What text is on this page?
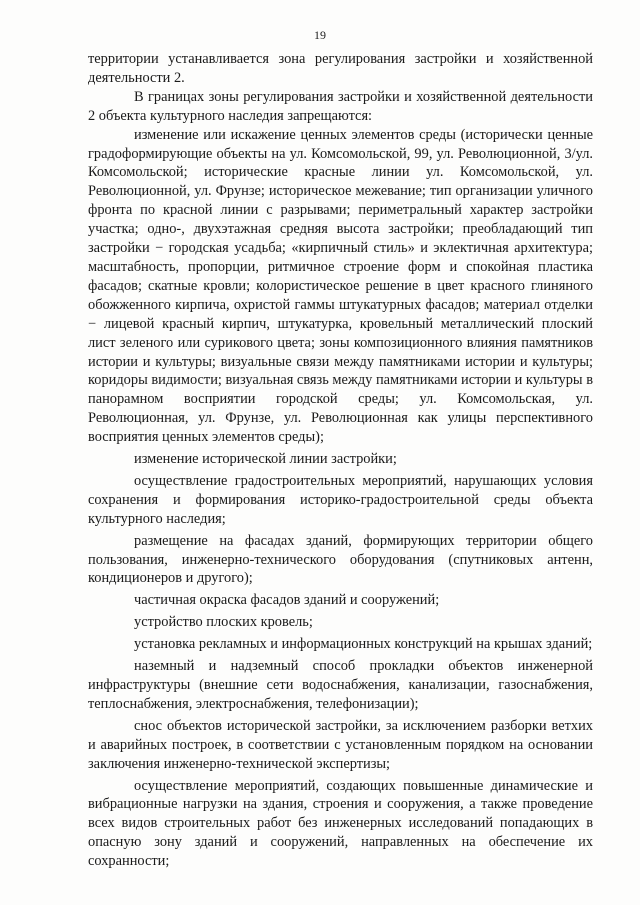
19

территории устанавливается зона регулирования застройки и хозяйственной деятельности 2.

В границах зоны регулирования застройки и хозяйственной деятельности 2 объекта культурного наследия запрещаются:

изменение или искажение ценных элементов среды (исторически ценные градоформирующие объекты на ул. Комсомольской, 99, ул. Революционной, 3/ул. Комсомольской; исторические красные линии ул. Комсомольской, ул. Революционной, ул. Фрунзе; историческое межевание; тип организации уличного фронта по красной линии с разрывами; периметральный характер застройки участка; одно-, двухэтажная средняя высота застройки; преобладающий тип застройки − городская усадьба; «кирпичный стиль» и эклектичная архитектура; масштабность, пропорции, ритмичное строение форм и спокойная пластика фасадов; скатные кровли; колористическое решение в цвет красного глиняного обожженного кирпича, охристой гаммы штукатурных фасадов; материал отделки − лицевой красный кирпич, штукатурка, кровельный металлический плоский лист зеленого или сурикового цвета; зоны композиционного влияния памятников истории и культуры; визуальные связи между памятниками истории и культуры; коридоры видимости; визуальная связь между памятниками истории и культуры в панорамном восприятии городской среды; ул. Комсомольская, ул. Революционная, ул. Фрунзе, ул. Революционная как улицы перспективного восприятия ценных элементов среды);

изменение исторической линии застройки;

осуществление градостроительных мероприятий, нарушающих условия сохранения и формирования историко-градостроительной среды объекта культурного наследия;

размещение на фасадах зданий, формирующих территории общего пользования, инженерно-технического оборудования (спутниковых антенн, кондиционеров и другого);

частичная окраска фасадов зданий и сооружений;

устройство плоских кровель;

установка рекламных и информационных конструкций на крышах зданий;

наземный и надземный способ прокладки объектов инженерной инфраструктуры (внешние сети водоснабжения, канализации, газоснабжения, теплоснабжения, электроснабжения, телефонизации);

снос объектов исторической застройки, за исключением разборки ветхих и аварийных построек, в соответствии с установленным порядком на основании заключения инженерно-технической экспертизы;

осуществление мероприятий, создающих повышенные динамические и вибрационные нагрузки на здания, строения и сооружения, а также проведение всех видов строительных работ без инженерных исследований попадающих в опасную зону зданий и сооружений, направленных на обеспечение их сохранности;
